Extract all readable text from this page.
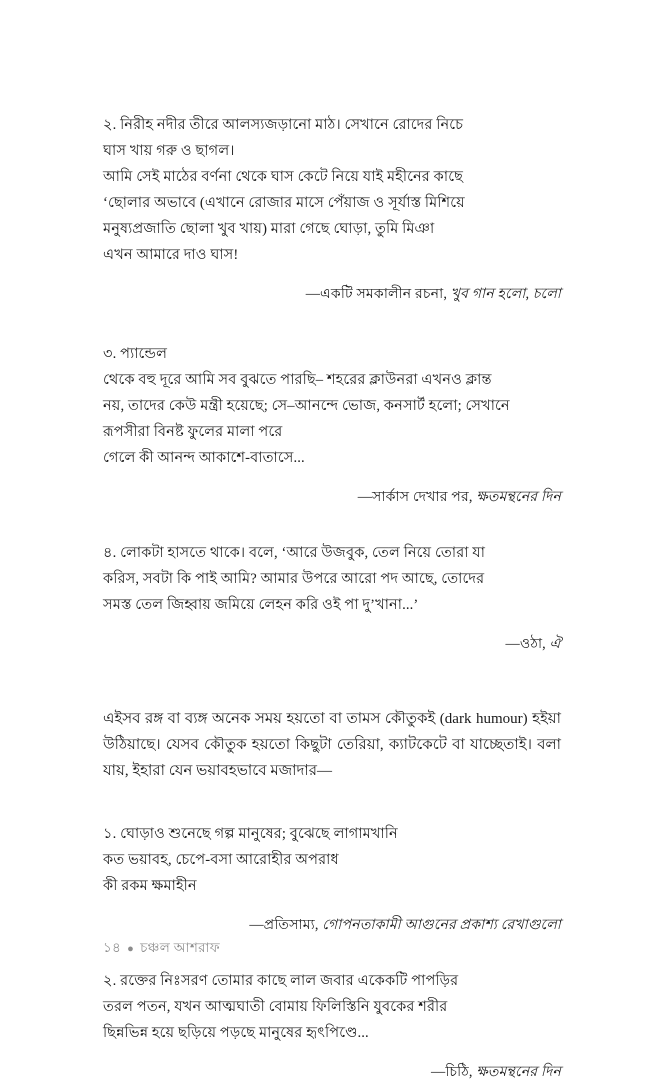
২. নিরীহ নদীর তীরে আলস্যজড়ানো মাঠ। সেখানে রোদের নিচে
ঘাস খায় গরু ও ছাগল।
আমি সেই মাঠের বর্ণনা থেকে ঘাস কেটে নিয়ে যাই মহীনের কাছে
‘ছোলার অভাবে (এখানে রোজার মাসে পেঁয়াজ ও সূর্যাস্ত মিশিয়ে
মনুষ্যপ্রজাতি ছোলা খুব খায়) মারা গেছে ঘোড়া, তুমি মিঞা
এখন আমারে দাও ঘাস!
—একটি সমকালীন রচনা, খুব গান হলো, চলো
৩. প্যান্ডেল
থেকে বহু দূরে আমি সব বুঝতে পারছি– শহরের ক্লাউনরা এখনও ক্লান্ত
নয়, তাদের কেউ মন্ত্রী হয়েছে; সে–আনন্দে ভোজ, কনসার্ট হলো; সেখানে
রূপসীরা বিনষ্ট ফুলের মালা পরে
গেলে কী আনন্দ আকাশে-বাতাসে...
—সার্কাস দেখার পর, ক্ষতমন্থনের দিন
৪. লোকটা হাসতে থাকে। বলে, ‘আরে উজবুক, তেল নিয়ে তোরা যা
করিস, সবটা কি পাই আমি? আমার উপরে আরো পদ আছে, তোদের
সমস্ত তেল জিহ্বায় জমিয়ে লেহন করি ওই পা দু’খানা...’
—ওঠা, ঐ

এইসব রঙ্গ বা ব্যঙ্গ অনেক সময় হয়তো বা তামস কৌতুকই (dark humour) হইয়া উঠিয়াছে। যেসব কৌতুক হয়তো কিছুটা তেরিয়া, ক্যাটকেটে বা যাচ্ছেতাই। বলা যায়, ইহারা যেন ভয়াবহভাবে মজাদার—

১. ঘোড়াও শুনেছে গল্প মানুষের; বুঝেছে লাগামখানি
কত ভয়াবহ, চেপে-বসা আরোহীর অপরাধ
কী রকম ক্ষমাহীন
—প্রতিসাম্য, গোপনতাকামী আগুনের প্রকাশ্য রেখাগুলো
২. রক্তের নিঃসরণ তোমার কাছে লাল জবার একেকটি পাপড়ির
তরল পতন, যখন আত্মঘাতী বোমায় ফিলিস্তিনি যুবকের শরীর
ছিন্নভিন্ন হয়ে ছড়িয়ে পড়ছে মানুষের হৃৎপিণ্ডে...
—চিঠি, ক্ষতমন্থনের দিন
১৪ ● চঞ্চল আশরাফ
